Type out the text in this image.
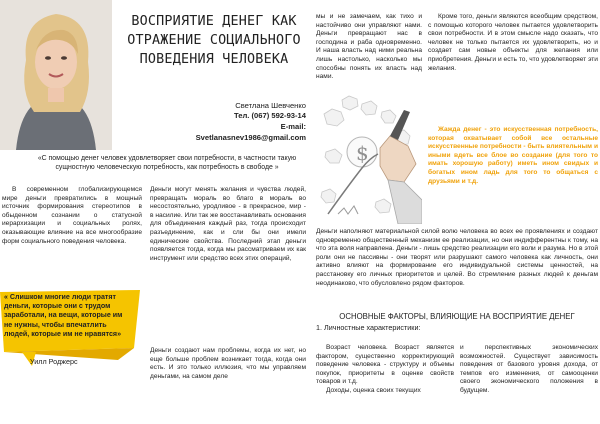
ВОСПРИЯТИЕ ДЕНЕГ КАК ОТРАЖЕНИЕ СОЦИАЛЬНОГО ПОВЕДЕНИЯ ЧЕЛОВЕКА
Светлана Шевченко
Тел. (067) 592-93-14
E-mail:
Svetlanasnev1986@gmail.com
«С помощью денег человек удовлетворяет свои потребности, в частности такую сущностную человеческую потребность, как потребность в свободе »

В современном глобализирующемся мире деньги превратились в мощный источник формирования стереотипов в обыденном сознании о статусной иерархизации и социальных ролях, оказывающие влияние на все многообразие форм социального поведения человека.

« Слишком многие люди тратят деньги, которые они с трудом заработали, на вещи, которые им не нужны, чтобы впечатлить людей, которые им не нравятся»
Уилл Роджерс

Деньги могут менять желания и чувства людей, превращать мораль во благо в мораль во несостоятельно, уродливое - в прекрасное, мир - в насилие. Или так же восстанавливать основания для объединения каждый раз, тогда происходит разъединение, как и сли бы они имели единические свойства. Последний этап деньги появляется тогда, когда мы рассматриваем их как инструмент или средство всех этих операций,

Деньги создают нам проблемы, когда их нет, но еще больше проблем возникает тогда, когда они есть. И это только иллюзия, что мы управляем деньгами, на самом деле

мы и не замечаем, как тихо и настойчиво они управляют нами. Деньги превращают нас в господина и раба одновременно. И наша власть над ними реальна лишь настолько, насколько мы способны понять их власть над нами.

$

Кроме того, деньги являются всеобщим средством, с помощью которого человек пытается удовлетворить свои потребности. И в этом смысле надо сказать, что человек не только пытается их удовлетворить, но и создает сам новые объекты для желания или приобретения. Деньги и есть то, что удовлетворяет эти желания.

Жажда денег - это искусственная потребность, которая охватывает собой все остальные искусственные потребности - быть влиятельным и иными вдеть все блое во создание (для того то имать хорошую работу) иметь ином свидых и богатых ином ладь для того то общаться с друзьями и т.д.

Деньги наполняют материальной силой волю человека во всех ее проявлениях и создают одновременно общественный механизм ее реализации, но они индифферентны к тому, на что эта воля направлена. Деньги - лишь средство реализации его воли и разума. Но в этой роли они не пассивны - они творят или разрушают самого человека как личность, они активно влияют на формирование его индивидуальной системы ценностей, на расстановку его личных приоритетов и целей. Во стремление разных людей к деньгам неодинаково, что обусловлено рядом факторов.

ОСНОВНЫЕ ФАКТОРЫ, ВЛИЯЮЩИЕ НА ВОСПРИЯТИЕ ДЕНЕГ
1. Личностные характеристики:

Возраст человека. Возраст является фактором, существенно корректирующий поведение человека - структуру и объемы покупок, приоритеты в оценке свойств товаров и т.д.

Доходы, оценка своих текущих

и перспективных экономических возможностей. Существует зависимость поведения от базового уровня дохода, от темпов его изменения, от самооценки своего экономического положения в будущем.
